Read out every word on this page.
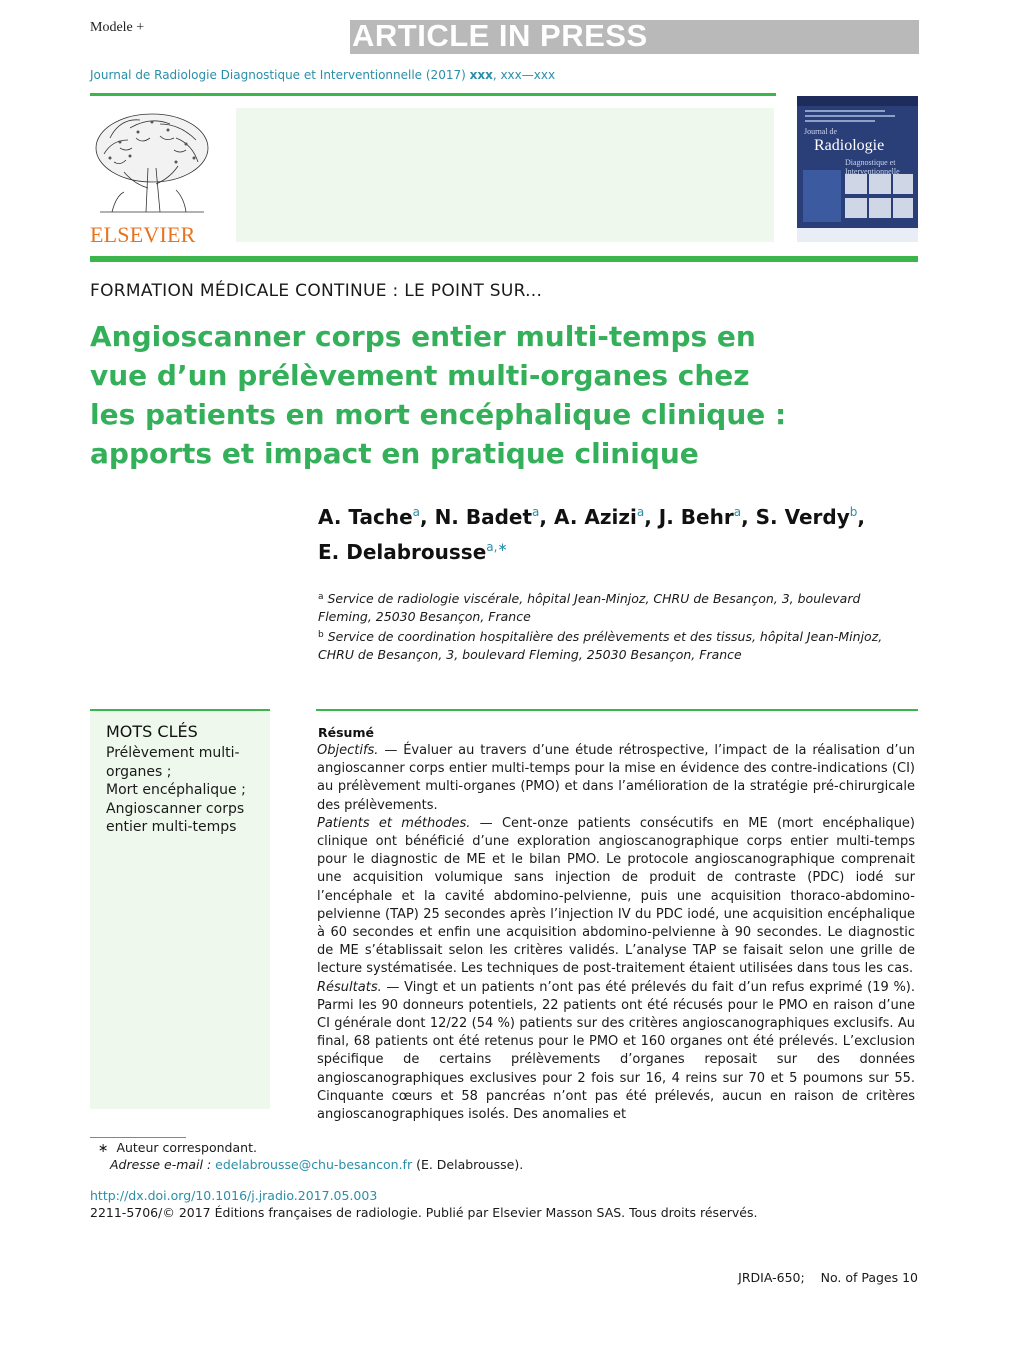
Modele +	ARTICLE IN PRESS
Journal de Radiologie Diagnostique et Interventionnelle (2017) xxx, xxx—xxx
ELSEVIER
Journal de
Radiologie
Diagnostique et Interventionnelle
FORMATION MÉDICALE CONTINUE : LE POINT SUR...
Angioscanner corps entier multi-temps en
vue d’un prélèvement multi-organes chez
les patients en mort encéphalique clinique :
apports et impact en pratique clinique
A. Tache$^a$, N. Badet$^a$, A. Azizi$^a$, J. Behr$^a$, S. Verdy$^b$,
E. Delabrousse$^{a,∗}$
$^a$ Service de radiologie viscérale, hôpital Jean-Minjoz, CHRU de Besançon, 3, boulevard Fleming, 25030 Besançon, France
$^b$ Service de coordination hospitalière des prélèvements et des tissus, hôpital Jean-Minjoz, CHRU de Besançon, 3, boulevard Fleming, 25030 Besançon, France
MOTS CLÉS
Prélèvement multi-organes ;
Mort encéphalique ;
Angioscanner corps entier multi-temps
Résumé
Objectifs. — Évaluer au travers d’une étude rétrospective, l’impact de la réalisation d’un angioscanner corps entier multi-temps pour la mise en évidence des contre-indications (CI) au prélèvement multi-organes (PMO) et dans l’amélioration de la stratégie pré-chirurgicale des prélèvements.
Patients et méthodes. — Cent-onze patients consécutifs en ME (mort encéphalique) clinique ont bénéficié d’une exploration angioscanographique corps entier multi-temps pour le diagnostic de ME et le bilan PMO. Le protocole angioscanographique comprenait une acquisition volumique sans injection de produit de contraste (PDC) iodé sur l’encéphale et la cavité abdomino-pelvienne, puis une acquisition thoraco-abdomino-pelvienne (TAP) 25 secondes après l’injection IV du PDC iodé, une acquisition encéphalique à 60 secondes et enfin une acquisition abdomino-pelvienne à 90 secondes. Le diagnostic de ME s’établissait selon les critères validés. L’analyse TAP se faisait selon une grille de lecture systématisée. Les techniques de post-traitement étaient utilisées dans tous les cas.
Résultats. — Vingt et un patients n’ont pas été prélevés du fait d’un refus exprimé (19 %). Parmi les 90 donneurs potentiels, 22 patients ont été récusés pour le PMO en raison d’une CI générale dont 12/22 (54 %) patients sur des critères angioscanographiques exclusifs. Au final, 68 patients ont été retenus pour le PMO et 160 organes ont été prélevés. L’exclusion spécifique de certains prélèvements d’organes reposait sur des données angioscanographiques exclusives pour 2 fois sur 16, 4 reins sur 70 et 5 poumons sur 55. Cinquante cœurs et 58 pancréas n’ont pas été prélevés, aucun en raison de critères angioscanographiques isolés. Des anomalies et
∗ Auteur correspondant.
Adresse e-mail : edelabrousse@chu-besancon.fr (E. Delabrousse).
http://dx.doi.org/10.1016/j.jradio.2017.05.003
2211-5706/© 2017 Éditions françaises de radiologie. Publié par Elsevier Masson SAS. Tous droits réservés.
JRDIA-650;    No. of Pages 10
